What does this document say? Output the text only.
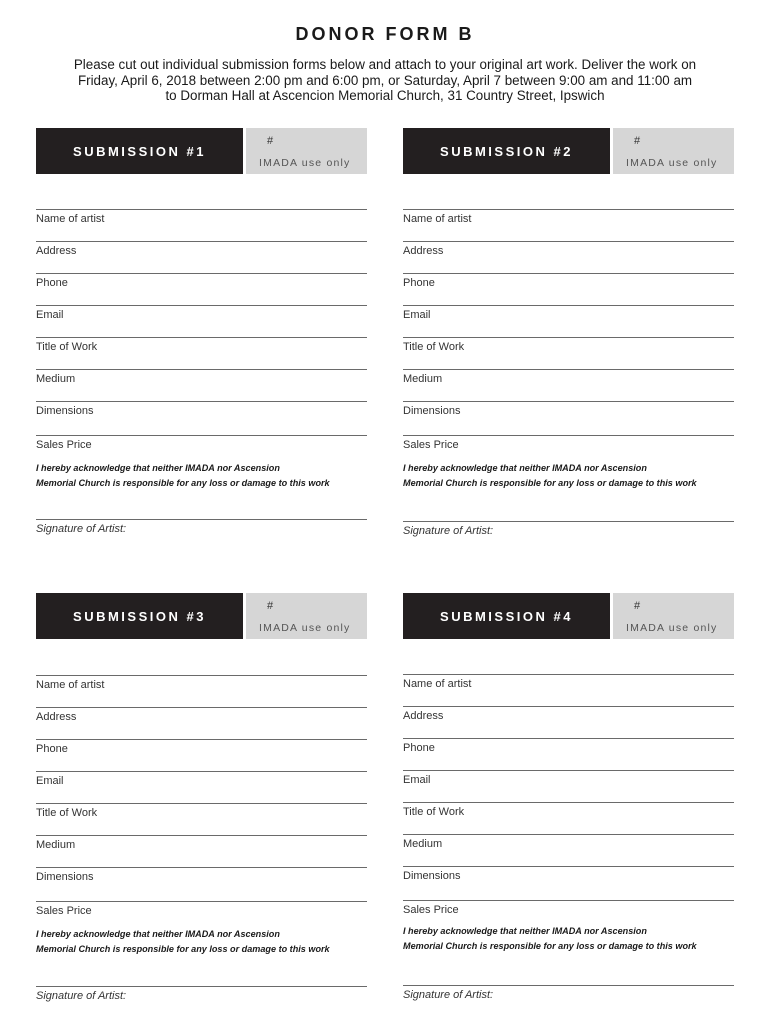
DONOR FORM B

Please cut out individual submission forms below and attach to your original art work. Deliver the work on
Friday, April 6, 2018 between 2:00 pm and 6:00 pm, or Saturday, April 7 between 9:00 am and 11:00 am
to Dorman Hall at Ascencion Memorial Church, 31 Country Street, Ipswich

SUBMISSION #1
#
IMADA use only
Name of artist
Address
Phone
Email
Title of Work
Medium
Dimensions
Sales Price

I hereby acknowledge that neither IMADA nor Ascension
Memorial Church is responsible for any loss or damage to this work

Signature of Artist:
SUBMISSION #2
#
IMADA use only
Name of artist
Address
Phone
Email
Title of Work
Medium
Dimensions
Sales Price

I hereby acknowledge that neither IMADA nor Ascension
Memorial Church is responsible for any loss or damage to this work

Signature of Artist:
SUBMISSION #3
#
IMADA use only
Name of artist
Address
Phone
Email
Title of Work
Medium
Dimensions
Sales Price

I hereby acknowledge that neither IMADA nor Ascension
Memorial Church is responsible for any loss or damage to this work

Signature of Artist:
SUBMISSION #4
#
IMADA use only
Name of artist
Address
Phone
Email
Title of Work
Medium
Dimensions
Sales Price

I hereby acknowledge that neither IMADA nor Ascension
Memorial Church is responsible for any loss or damage to this work

Signature of Artist:
